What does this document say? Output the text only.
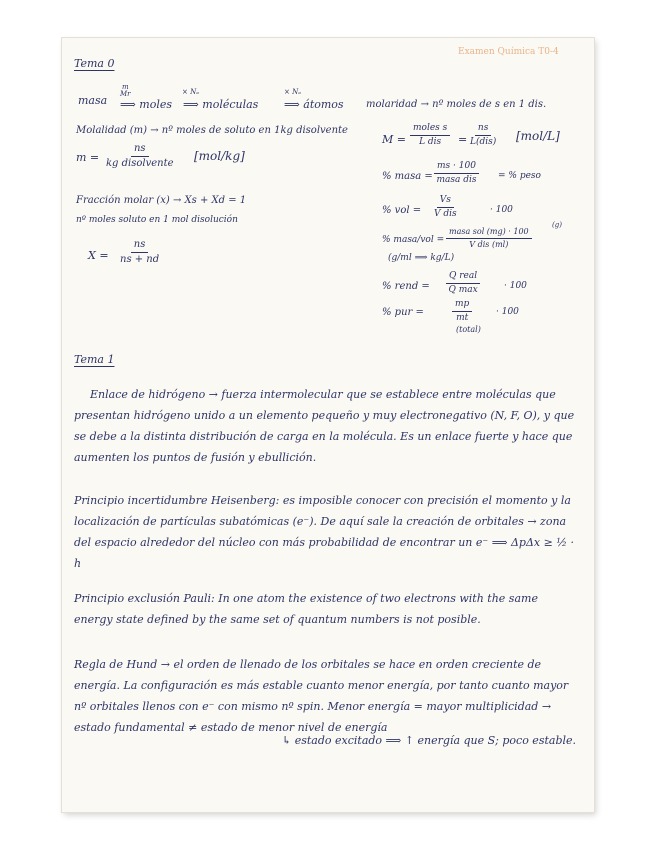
Examen Química T0-4
Tema 0
masa
m
Mr
⟹ moles
× Nₐ
⟹ moléculas
× Nₐ
⟹ átomos
Molalidad (m) → nº moles de soluto en 1kg disolvente
m =
ns
kg disolvente
[mol/kg]
Fracción molar (x) → Xs + Xd = 1
nº moles soluto en 1 mol disolución
$X = \frac{ns}{ns + nd}$
molaridad → nº moles de s en 1 dis.
M =
moles s
L dis =
ns
L(dis) [mol/L]
% masa =
ms · 100
masa dis = % peso
% vol =
Vs
V dis	· 100
% masa/vol =
masa sol (mg) · 100
V dis (ml)
(g)
(g/ml ⟹ kg/L)
% rend =
Q real
Q max	· 100
% pur =	$\frac{mp}{mt}$
(total)
· 100
Tema 1
Enlace de hidrógeno → fuerza intermolecular que se establece entre moléculas que presentan hidrógeno unido a un elemento pequeño y muy electronegativo (N, F, O), y que se debe a la distinta distribución de carga en la molécula. Es un enlace fuerte y hace que aumenten los puntos de fusión y ebullición.
Principio incertidumbre Heisenberg: es imposible conocer con precisión el momento y la localización de partículas subatómicas (e⁻). De aquí sale la creación de orbitales → zona del espacio alrededor del núcleo con más probabilidad de encontrar un e⁻ ⟹ ΔpΔx ≥ ½ · h
Principio exclusión Pauli: In one atom the existence of two electrons with the same energy state defined by the same set of quantum numbers is not posible.
Regla de Hund → el orden de llenado de los orbitales se hace en orden creciente de energía. La configuración es más estable cuanto menor energía, por tanto cuanto mayor nº orbitales llenos con e⁻ con mismo nº spin. Menor energía = mayor multiplicidad → estado fundamental ≠ estado de menor nivel de energía
↳ estado excitado ⟹ ↑ energía que S; poco estable.
